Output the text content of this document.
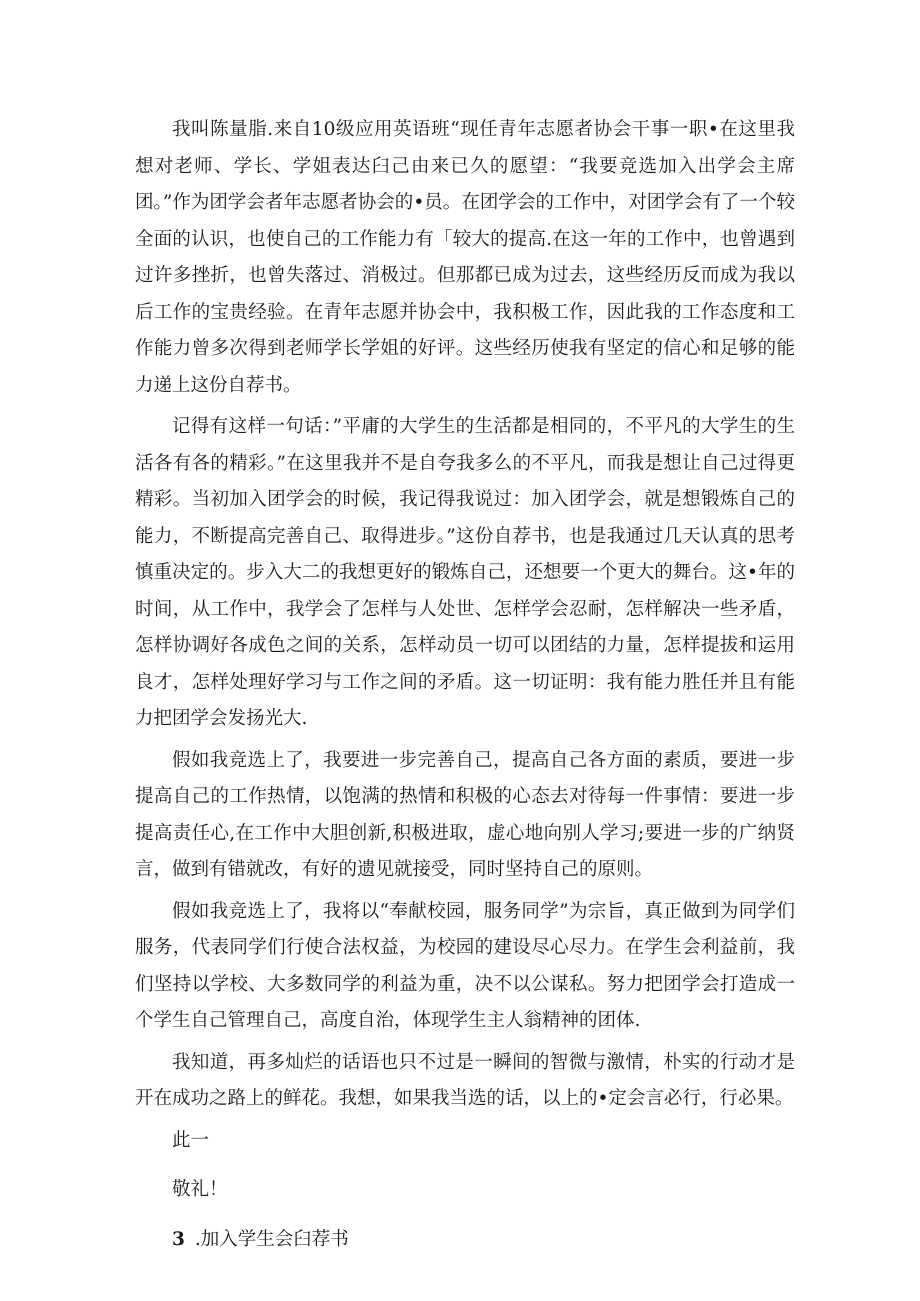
我叫陈量脂.来自10级应用英语班“现任青年志愿者协会干事一职•在这里我想对老师、学长、学姐表达臼己由来已久的愿望：“我要竞选加入出学会主席团。”作为团学会者年志愿者协会的•员。在团学会的工作中，对团学会有了一个较全面的认识，也使自己的工作能力有「较大的提高.在这一年的工作中，也曾遇到过许多挫折，也曾失落过、消极过。但那都已成为过去，这些经历反而成为我以后工作的宝贵经验。在青年志愿并协会中，我积极工作，因此我的工作态度和工作能力曾多次得到老师学长学姐的好评。这些经历使我有坚定的信心和足够的能力递上这份自荐书。

记得有这样一句话：”平庸的大学生的生活都是相同的，不平凡的大学生的生活各有各的精彩。”在这里我并不是自夸我多么的不平凡，而我是想让自己过得更精彩。当初加入团学会的时候，我记得我说过：加入团学会，就是想锻炼自己的能力，不断提高完善自己、取得进步。”这份自荐书，也是我通过几天认真的思考慎重决定的。步入大二的我想更好的锻炼自己，还想要一个更大的舞台。这•年的时间，从工作中，我学会了怎样与人处世、怎样学会忍耐，怎样解决一些矛盾，怎样协调好各成色之间的关系，怎样动员一切可以团结的力量，怎样提拔和运用良才，怎样处理好学习与工作之间的矛盾。这一切证明：我有能力胜任并且有能力把团学会发扬光大.

假如我竞选上了，我要进一步完善自己，提高自己各方面的素质，要进一步提高自己的工作热情，以饱满的热情和积极的心态去对待每一件事情：要进一步提高责任心,在工作中大胆创新,积极进取，虚心地向别人学习;要进一步的广纳贤言，做到有错就改，有好的遗见就接受，同时坚持自己的原则。

假如我竞选上了，我将以“奉献校园，服务同学”为宗旨，真正做到为同学们服务，代表同学们行使合法权益，为校园的建设尽心尽力。在学生会利益前，我们坚持以学校、大多数同学的利益为重，决不以公谋私。努力把团学会打造成一个学生自己管理自己，高度自治，体现学生主人翁精神的团体.

我知道，再多灿烂的话语也只不过是一瞬间的智微与激情，朴实的行动才是开在成功之路上的鲜花。我想，如果我当选的话，以上的•定会言必行，行必果。

此一

敬礼！

3 .加入学生会臼荐书
